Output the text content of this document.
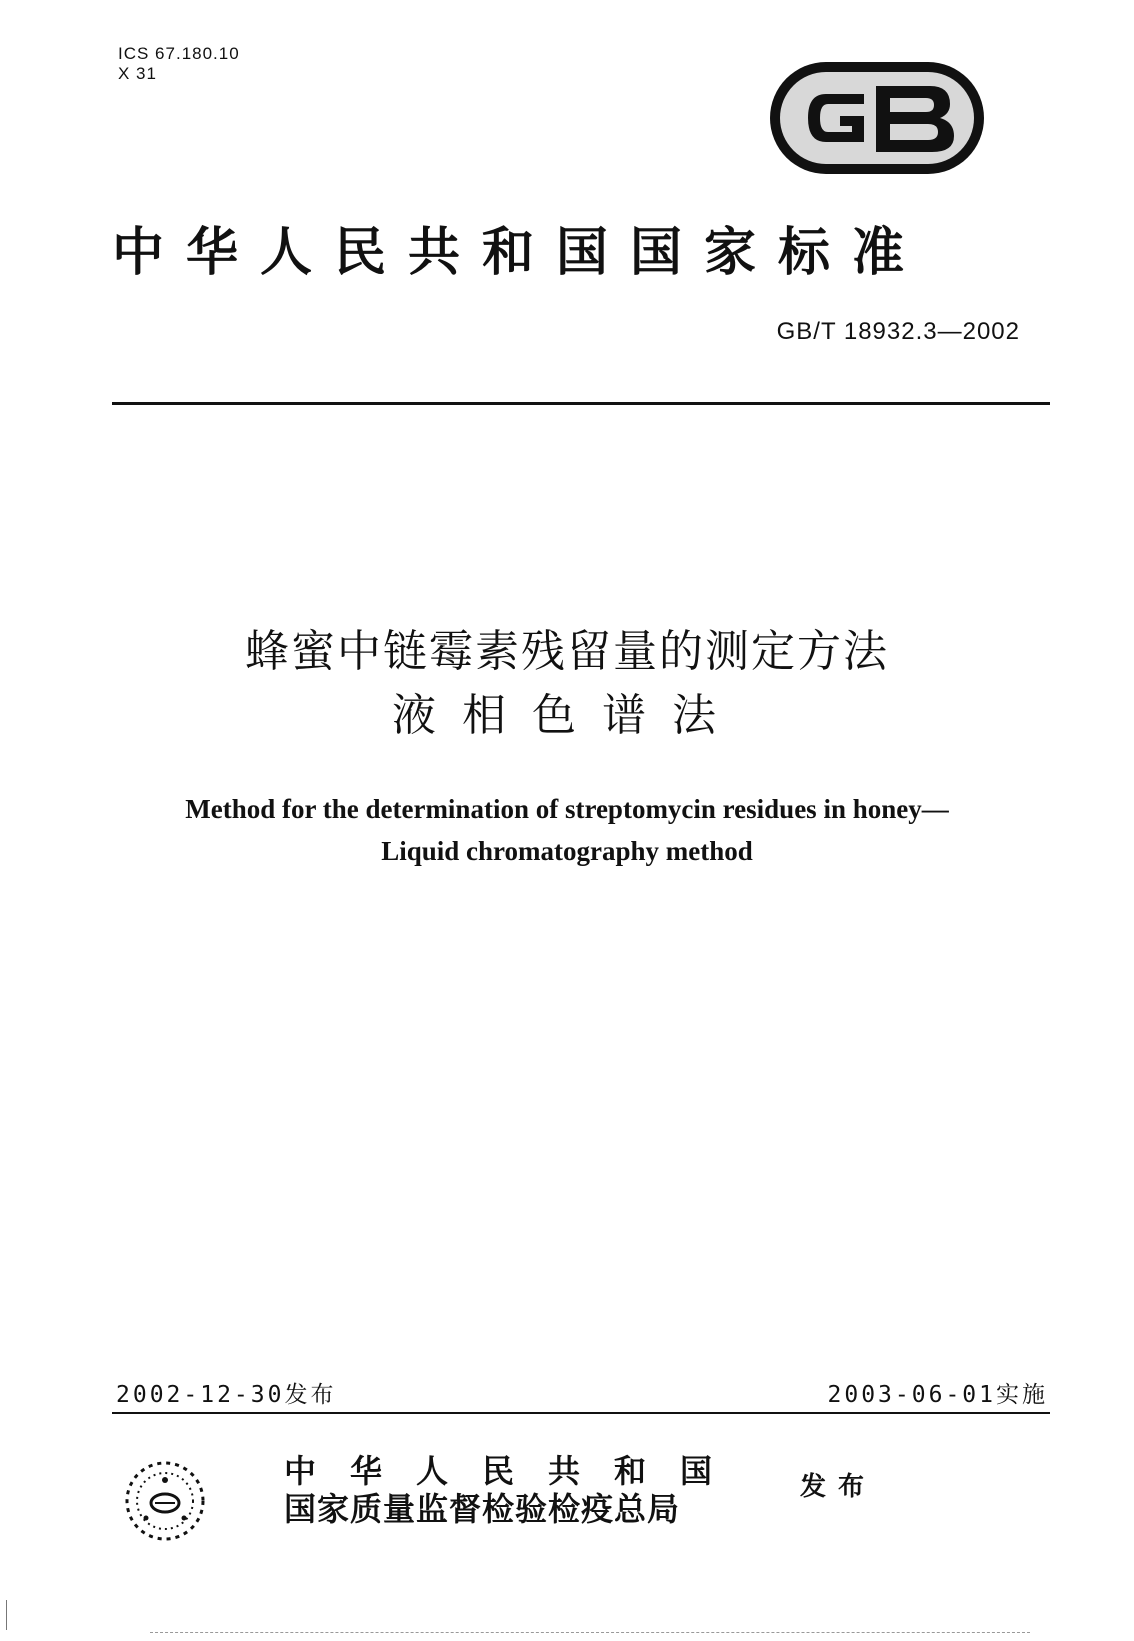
ICS 67.180.10
X 31
中华人民共和国国家标准
GB/T 18932.3—2002
蜂蜜中链霉素残留量的测定方法
液相色谱法
Method for the determination of streptomycin residues in honey—
Liquid chromatography method
2002-12-30发布	2003-06-01实施
中华人民共和国
国家质量监督检验检疫总局
发布
